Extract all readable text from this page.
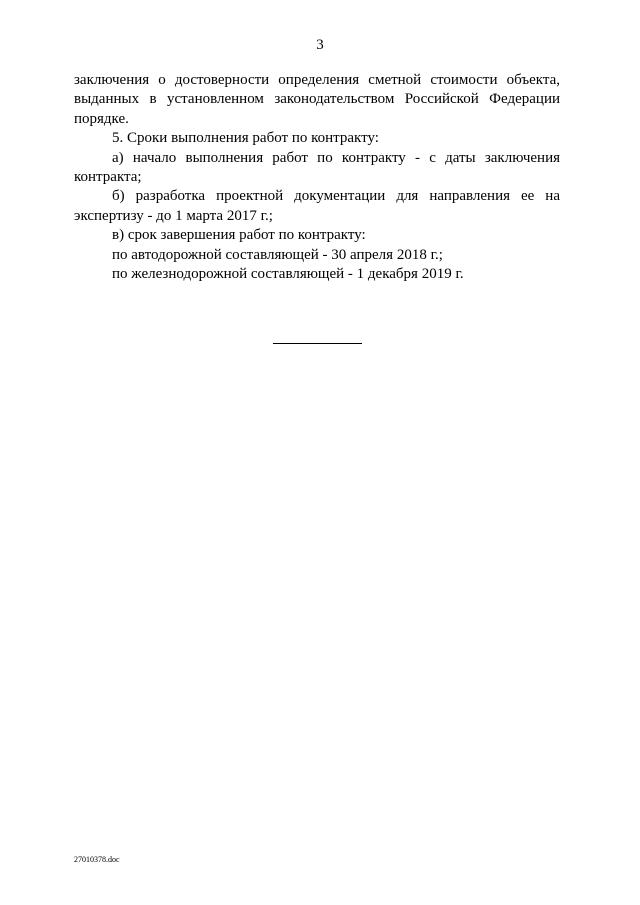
3

заключения о достоверности определения сметной стоимости объекта, выданных в установленном законодательством Российской Федерации порядке.

5. Сроки выполнения работ по контракту:

а) начало выполнения работ по контракту - с даты заключения контракта;

б) разработка проектной документации для направления ее на экспертизу - до 1 марта 2017 г.;

в) срок завершения работ по контракту:

по автодорожной составляющей - 30 апреля 2018 г.;

по железнодорожной составляющей - 1 декабря 2019 г.

27010378.doc
